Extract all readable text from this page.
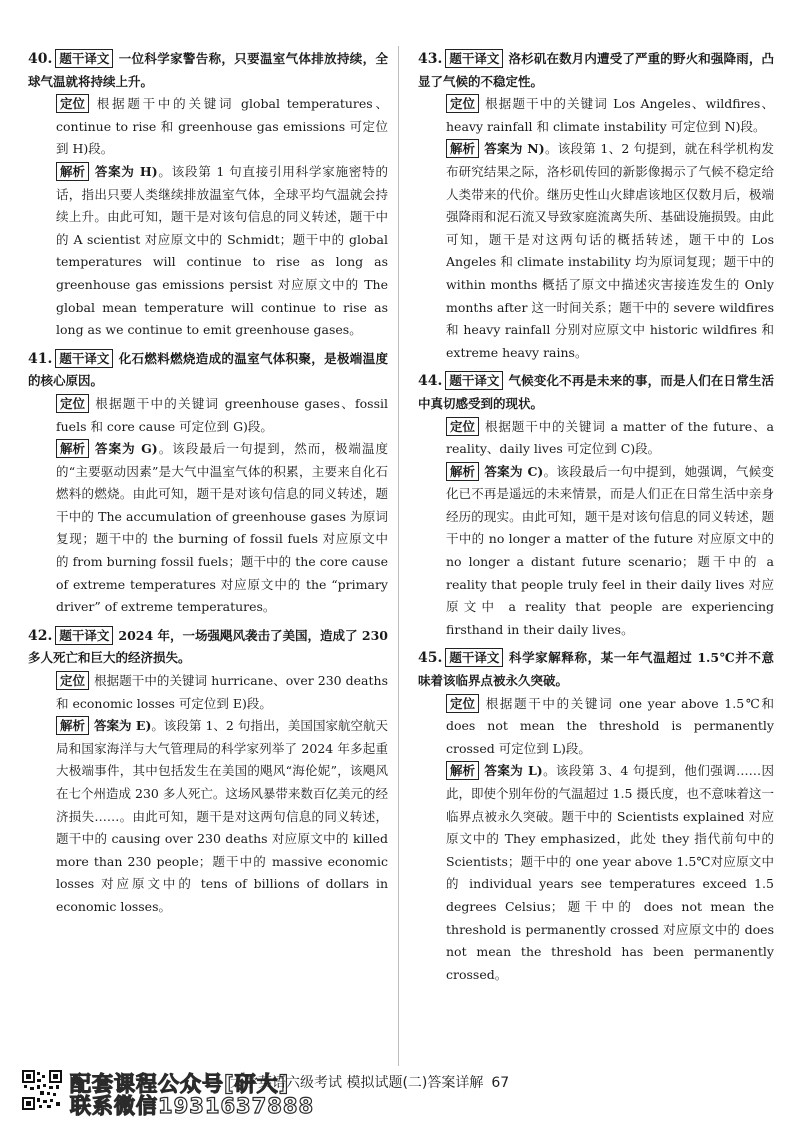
40. 题干译文 一位科学家警告称，只要温室气体排放持续，全球气温就将持续上升。

定位 根据题干中的关键词 global temperatures、continue to rise 和 greenhouse gas emissions 可定位到 H)段。

解析 答案为 H)。该段第 1 句直接引用科学家施密特的话，指出只要人类继续排放温室气体，全球平均气温就会持续上升。由此可知，题干是对该句信息的同义转述，题干中的 A scientist 对应原文中的 Schmidt；题干中的 global temperatures will continue to rise as long as greenhouse gas emissions persist 对应原文中的 The global mean temperature will continue to rise as long as we continue to emit greenhouse gases。

41. 题干译文 化石燃料燃烧造成的温室气体积聚，是极端温度的核心原因。

定位 根据题干中的关键词 greenhouse gases、fossil fuels 和 core cause 可定位到 G)段。

解析 答案为 G)。该段最后一句提到，然而，极端温度的“主要驱动因素”是大气中温室气体的积累，主要来自化石燃料的燃烧。由此可知，题干是对该句信息的同义转述，题干中的 The accumulation of greenhouse gases 为原词复现；题干中的 the burning of fossil fuels 对应原文中的 from burning fossil fuels；题干中的 the core cause of extreme temperatures 对应原文中的 the “primary driver” of extreme temperatures。

42. 题干译文 2024 年，一场强飓风袭击了美国，造成了 230 多人死亡和巨大的经济损失。

定位 根据题干中的关键词 hurricane、over 230 deaths 和 economic losses 可定位到 E)段。

解析 答案为 E)。该段第 1、2 句指出，美国国家航空航天局和国家海洋与大气管理局的科学家列举了 2024 年多起重大极端事件，其中包括发生在美国的飓风“海伦妮”，该飓风在七个州造成 230 多人死亡。这场风暴带来数百亿美元的经济损失……。由此可知，题干是对这两句信息的同义转述，题干中的 causing over 230 deaths 对应原文中的 killed more than 230 people；题干中的 massive economic losses 对应原文中的 tens of billions of dollars in economic losses。

43. 题干译文 洛杉矶在数月内遭受了严重的野火和强降雨，凸显了气候的不稳定性。

定位 根据题干中的关键词 Los Angeles、wildfires、heavy rainfall 和 climate instability 可定位到 N)段。

解析 答案为 N)。该段第 1、2 句提到，就在科学机构发布研究结果之际，洛杉矶传回的新影像揭示了气候不稳定给人类带来的代价。继历史性山火肆虐该地区仅数月后，极端强降雨和泥石流又导致家庭流离失所、基础设施损毁。由此可知，题干是对这两句话的概括转述，题干中的 Los Angeles 和 climate instability 均为原词复现；题干中的 within months 概括了原文中描述灾害接连发生的 Only months after 这一时间关系；题干中的 severe wildfires 和 heavy rainfall 分别对应原文中 historic wildfires 和 extreme heavy rains。

44. 题干译文 气候变化不再是未来的事，而是人们在日常生活中真切感受到的现状。

定位 根据题干中的关键词 a matter of the future、a reality、daily lives 可定位到 C)段。

解析 答案为 C)。该段最后一句中提到，她强调，气候变化已不再是遥远的未来情景，而是人们正在日常生活中亲身经历的现实。由此可知，题干是对该句信息的同义转述，题干中的 no longer a matter of the future 对应原文中的 no longer a distant future scenario；题干中的 a reality that people truly feel in their daily lives 对应原文中 a reality that people are experiencing firsthand in their daily lives。

45. 题干译文 科学家解释称，某一年气温超过 1.5℃并不意味着该临界点被永久突破。

定位 根据题干中的关键词 one year above 1.5℃和does not mean the threshold is permanently crossed 可定位到 L)段。

解析 答案为 L)。该段第 3、4 句提到，他们强调……因此，即使个别年份的气温超过 1.5 摄氏度，也不意味着这一临界点被永久突破。题干中的 Scientists explained 对应原文中的 They emphasized，此处 they 指代前句中的 Scientists；题干中的 one year above 1.5℃对应原文中的 individual years see temperatures exceed 1.5 degrees Celsius；题干中的 does not mean the threshold is permanently crossed 对应原文中的 does not mean the threshold has been permanently crossed。

配套课程公众号[研大]
联系微信1931637888
大学英语六级考试 模拟试题(二)答案详解 67
